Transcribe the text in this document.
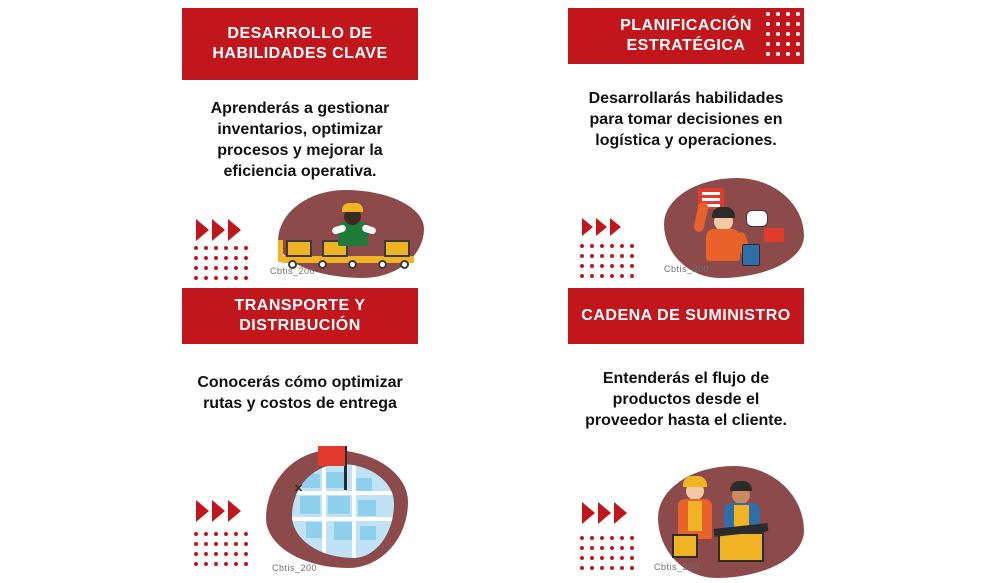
DESARROLLO DE HABILIDADES CLAVE
Aprenderás a gestionar inventarios, optimizar procesos y mejorar la eficiencia operativa.
Cbtis_200
PLANIFICACIÓN ESTRATÉGICA
Desarrollarás habilidades para tomar decisiones en logística y operaciones.
Cbtis_200
TRANSPORTE Y DISTRIBUCIÓN
Conocerás cómo optimizar rutas y costos de entrega
✕
Cbtis_200
CADENA DE SUMINISTRO
Entenderás el flujo de productos desde el proveedor hasta el cliente.
Cbtis_200
